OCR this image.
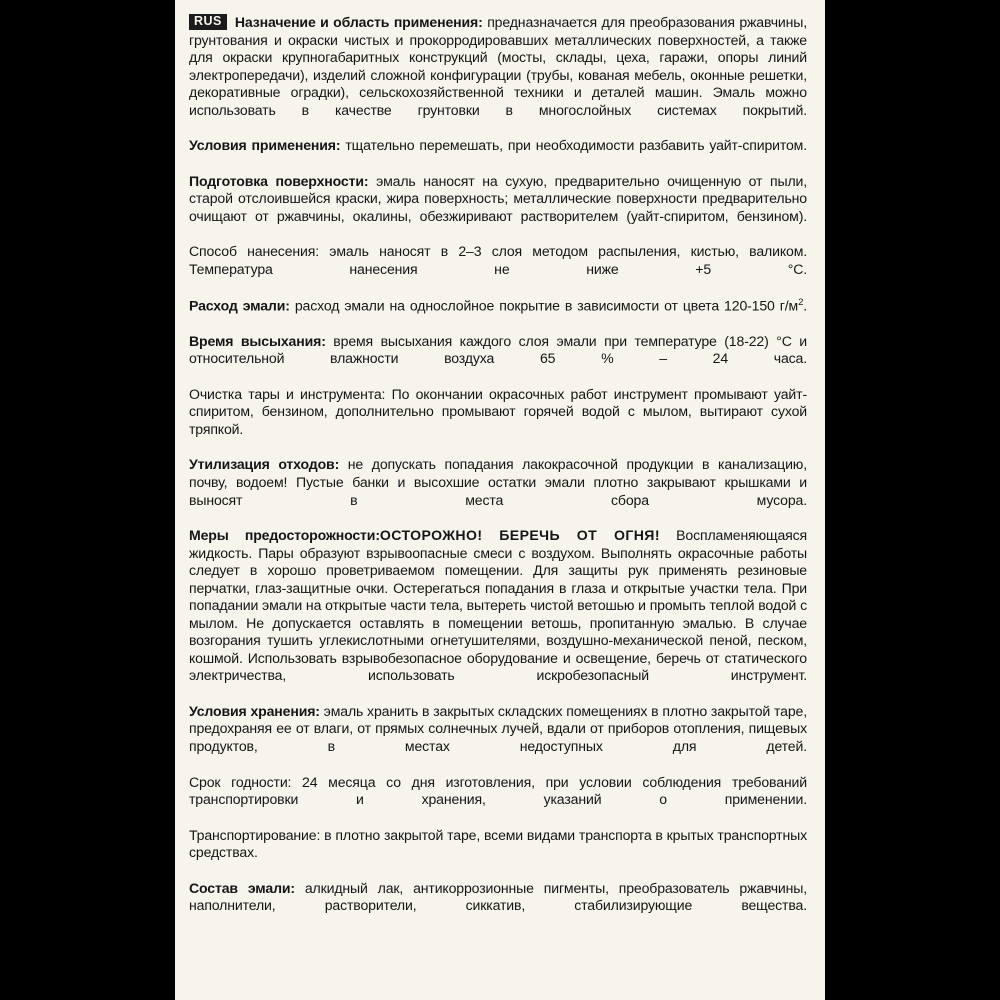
RUS Назначение и область применения: предназначается для преобразования ржавчины, грунтования и окраски чистых и прокорродировавших металлических поверхностей, а также для окраски крупногабаритных конструкций (мосты, склады, цеха, гаражи, опоры линий электропередачи), изделий сложной конфигурации (трубы, кованая мебель, оконные решетки, декоративные оградки), сельскохозяйственной техники и деталей машин. Эмаль можно использовать в качестве грунтовки в многослойных системах покрытий.

Условия применения: тщательно перемешать, при необходимости разбавить уайт-спиритом.

Подготовка поверхности: эмаль наносят на сухую, предварительно очищенную от пыли, старой отслоившейся краски, жира поверхность; металлические поверхности предварительно очищают от ржавчины, окалины, обезжиривают растворителем (уайт-спиритом, бензином).

Способ нанесения: эмаль наносят в 2–3 слоя методом распыления, кистью, валиком. Температура нанесения не ниже +5 °С.

Расход эмали: расход эмали на однослойное покрытие в зависимости от цвета 120-150 $г/м^2$.

Время высыхания: время высыхания каждого слоя эмали при температуре (18-22) °С и относительной влажности воздуха 65 % – 24 часа.

Очистка тары и инструмента: По окончании окрасочных работ инструмент промывают уайт-спиритом, бензином, дополнительно промывают горячей водой с мылом, вытирают сухой тряпкой.

Утилизация отходов: не допускать попадания лакокрасочной продукции в канализацию, почву, водоем! Пустые банки и высохшие остатки эмали плотно закрывают крышками и выносят в места сбора мусора.

Меры предосторожности:ОСТОРОЖНО! БЕРЕЧЬ ОТ ОГНЯ! Воспламеняющаяся жидкость. Пары образуют взрывоопасные смеси с воздухом. Выполнять окрасочные работы следует в хорошо проветриваемом помещении. Для защиты рук применять резиновые перчатки, глаз-защитные очки. Остерегаться попадания в глаза и открытые участки тела. При попадании эмали на открытые части тела, вытереть чистой ветошью и промыть теплой водой с мылом. Не допускается оставлять в помещении ветошь, пропитанную эмалью. В случае возгорания тушить углекислотными огнетушителями, воздушно-механической пеной, песком, кошмой. Использовать взрывобезопасное оборудование и освещение, беречь от статического электричества, использовать искробезопасный инструмент.

Условия хранения: эмаль хранить в закрытых складских помещениях в плотно закрытой таре, предохраняя ее от влаги, от прямых солнечных лучей, вдали от приборов отопления, пищевых продуктов, в местах недоступных для детей.

Срок годности: 24 месяца со дня изготовления, при условии соблюдения требований транспортировки и хранения, указаний о применении.

Транспортирование: в плотно закрытой таре, всеми видами транспорта в крытых транспортных средствах.

Состав эмали: алкидный лак, антикоррозионные пигменты, преобразователь ржавчины, наполнители, растворители, сиккатив, стабилизирующие вещества.
